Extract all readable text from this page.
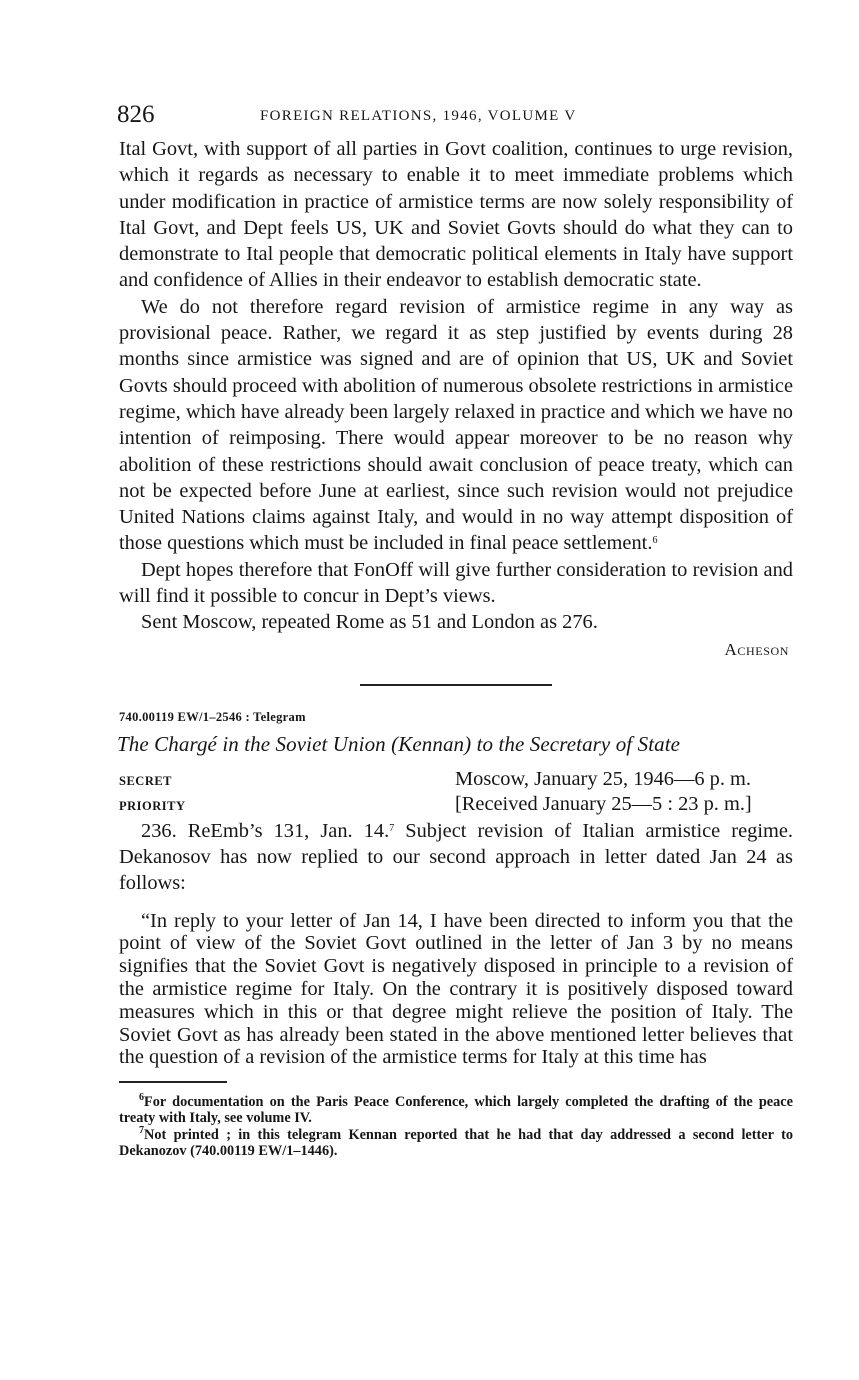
826	FOREIGN RELATIONS, 1946, VOLUME V

Ital Govt, with support of all parties in Govt coalition, continues to urge revision, which it regards as necessary to enable it to meet immediate problems which under modification in practice of armistice terms are now solely responsibility of Ital Govt, and Dept feels US, UK and Soviet Govts should do what they can to demonstrate to Ital people that democratic political elements in Italy have support and confidence of Allies in their endeavor to establish democratic state.

We do not therefore regard revision of armistice regime in any way as provisional peace. Rather, we regard it as step justified by events during 28 months since armistice was signed and are of opinion that US, UK and Soviet Govts should proceed with abolition of numerous obsolete restrictions in armistice regime, which have already been largely relaxed in practice and which we have no intention of reimposing. There would appear moreover to be no reason why abolition of these restrictions should await conclusion of peace treaty, which can not be expected before June at earliest, since such revision would not prejudice United Nations claims against Italy, and would in no way attempt disposition of those questions which must be included in final peace settlement.$^6$

Dept hopes therefore that FonOff will give further consideration to revision and will find it possible to concur in Dept’s views.

Sent Moscow, repeated Rome as 51 and London as 276.

Acheson
740.00119 EW/1–2546 : Telegram
The Chargé in the Soviet Union (Kennan) to the Secretary of State
SECRET	Moscow, January 25, 1946—6 p. m.
PRIORITY	[Received January 25—5 : 23 p. m.]

236. ReEmb’s 131, Jan. 14.$^7$ Subject revision of Italian armistice regime. Dekanosov has now replied to our second approach in letter dated Jan 24 as follows:

“In reply to your letter of Jan 14, I have been directed to inform you that the point of view of the Soviet Govt outlined in the letter of Jan 3 by no means signifies that the Soviet Govt is negatively disposed in principle to a revision of the armistice regime for Italy. On the contrary it is positively disposed toward measures which in this or that degree might relieve the position of Italy. The Soviet Govt as has already been stated in the above mentioned letter believes that the question of a revision of the armistice terms for Italy at this time has

$^6$For documentation on the Paris Peace Conference, which largely completed the drafting of the peace treaty with Italy, see volume IV.

$^7$Not printed ; in this telegram Kennan reported that he had that day addressed a second letter to Dekanozov (740.00119 EW/1–1446).
